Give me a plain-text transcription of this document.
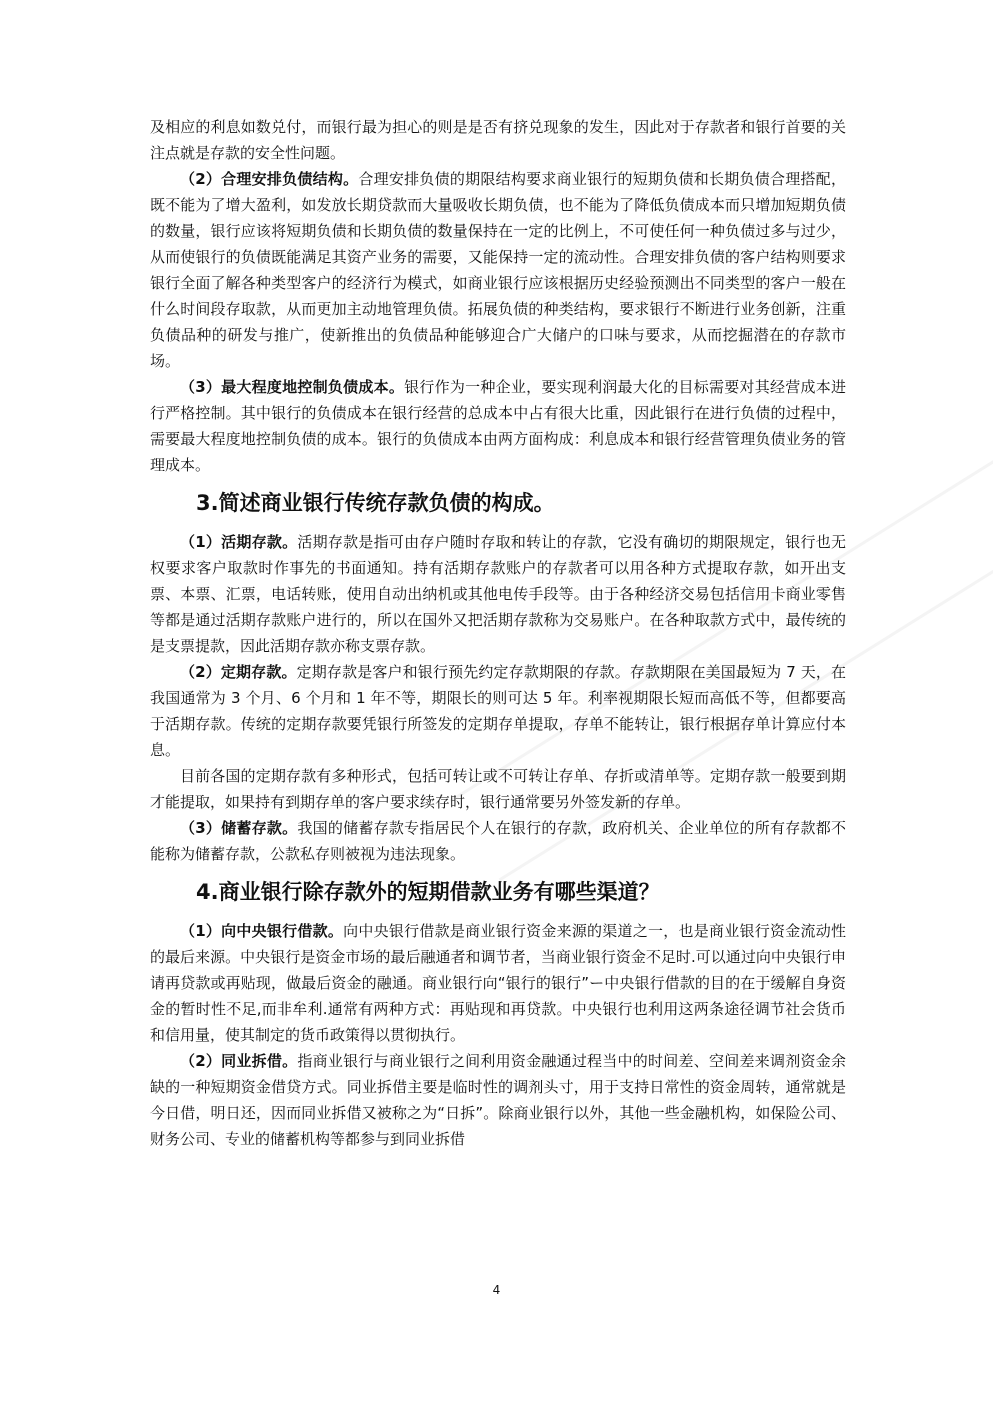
及相应的利息如数兑付，而银行最为担心的则是是否有挤兑现象的发生，因此对于存款者和银行首要的关注点就是存款的安全性问题。

（2）合理安排负债结构。合理安排负债的期限结构要求商业银行的短期负债和长期负债合理搭配，既不能为了增大盈利，如发放长期贷款而大量吸收长期负债，也不能为了降低负债成本而只增加短期负债的数量，银行应该将短期负债和长期负债的数量保持在一定的比例上，不可使任何一种负债过多与过少，从而使银行的负债既能满足其资产业务的需要，又能保持一定的流动性。合理安排负债的客户结构则要求银行全面了解各种类型客户的经济行为模式，如商业银行应该根据历史经验预测出不同类型的客户一般在什么时间段存取款，从而更加主动地管理负债。拓展负债的种类结构，要求银行不断进行业务创新，注重负债品种的研发与推广，使新推出的负债品种能够迎合广大储户的口味与要求，从而挖掘潜在的存款市场。

（3）最大程度地控制负债成本。银行作为一种企业，要实现利润最大化的目标需要对其经营成本进行严格控制。其中银行的负债成本在银行经营的总成本中占有很大比重，因此银行在进行负债的过程中，需要最大程度地控制负债的成本。银行的负债成本由两方面构成：利息成本和银行经营管理负债业务的管理成本。

3.简述商业银行传统存款负债的构成。

（1）活期存款。活期存款是指可由存户随时存取和转让的存款，它没有确切的期限规定，银行也无权要求客户取款时作事先的书面通知。持有活期存款账户的存款者可以用各种方式提取存款，如开出支票、本票、汇票，电话转账，使用自动出纳机或其他电传手段等。由于各种经济交易包括信用卡商业零售等都是通过活期存款账户进行的，所以在国外又把活期存款称为交易账户。在各种取款方式中，最传统的是支票提款，因此活期存款亦称支票存款。

（2）定期存款。定期存款是客户和银行预先约定存款期限的存款。存款期限在美国最短为 7 天，在我国通常为 3 个月、6 个月和 1 年不等，期限长的则可达 5 年。利率视期限长短而高低不等，但都要高于活期存款。传统的定期存款要凭银行所签发的定期存单提取，存单不能转让，银行根据存单计算应付本息。

目前各国的定期存款有多种形式，包括可转让或不可转让存单、存折或清单等。定期存款一般要到期才能提取，如果持有到期存单的客户要求续存时，银行通常要另外签发新的存单。

（3）储蓄存款。我国的储蓄存款专指居民个人在银行的存款，政府机关、企业单位的所有存款都不能称为储蓄存款，公款私存则被视为违法现象。

4.商业银行除存款外的短期借款业务有哪些渠道？

（1）向中央银行借款。向中央银行借款是商业银行资金来源的渠道之一，也是商业银行资金流动性的最后来源。中央银行是资金市场的最后融通者和调节者，当商业银行资金不足时.可以通过向中央银行申请再贷款或再贴现，做最后资金的融通。商业银行向“银行的银行”ー中央银行借款的目的在于缓解自身资金的暂时性不足,而非牟利.通常有两种方式：再贴现和再贷款。中央银行也利用这两条途径调节社会货币和信用量，使其制定的货币政策得以贯彻执行。

（2）同业拆借。指商业银行与商业银行之间利用资金融通过程当中的时间差、空间差来调剂资金余缺的一种短期资金借贷方式。同业拆借主要是临时性的调剂头寸，用于支持日常性的资金周转，通常就是今日借，明日还，因而同业拆借又被称之为“日拆”。除商业银行以外，其他一些金融机构，如保险公司、财务公司、专业的储蓄机构等都参与到同业拆借

4
